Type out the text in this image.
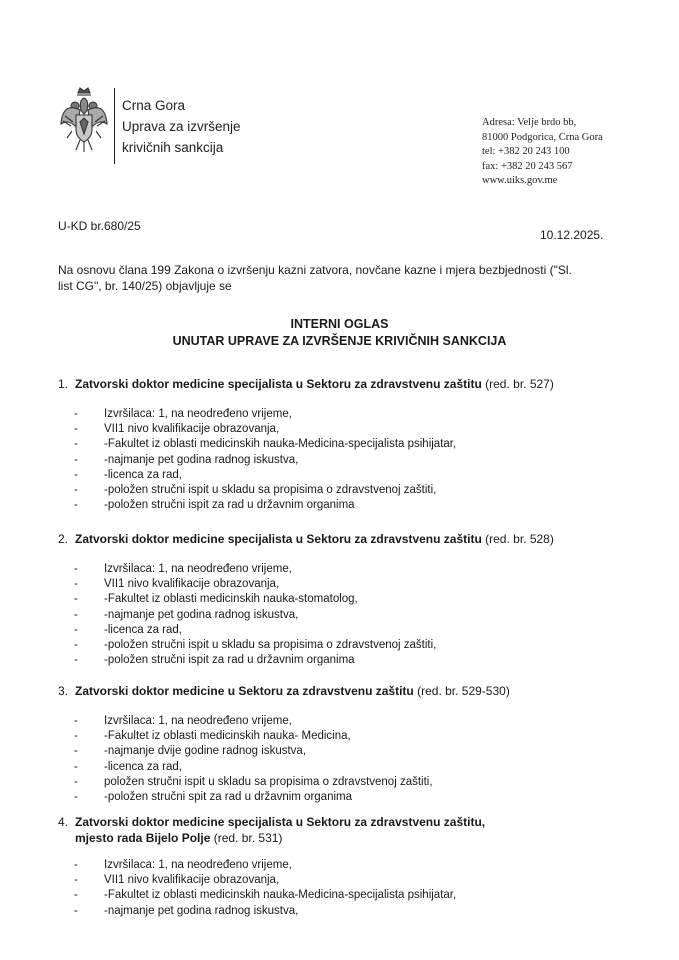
Crna Gora
Uprava za izvršenje
krivičnih sankcija
Adresa: Velje brdo bb,
81000 Podgorica, Crna Gora
tel: +382 20 243 100
fax: +382 20 243 567
www.uiks.gov.me
U-KD br.680/25
10.12.2025.
Na osnovu člana 199 Zakona o izvršenju kazni zatvora, novčane kazne i mjera bezbjednosti ("Sl.
list CG", br. 140/25) objavljuje se
INTERNI OGLAS
UNUTAR UPRAVE ZA IZVRŠENJE KRIVIČNIH SANKCIJA
1. Zatvorski doktor medicine specijalista u Sektoru za zdravstvenu zaštitu (red. br. 527)
-	Izvršilaca: 1, na neodređeno vrijeme,
-	VII1 nivo kvalifikacije obrazovanja,
-	-Fakultet iz oblasti medicinskih nauka-Medicina-specijalista psihijatar,
-	-najmanje pet godina radnog iskustva,
-	-licenca za rad,
-	-položen stručni ispit u skladu sa propisima o zdravstvenoj zaštiti,
-	-položen stručni ispit za rad u državnim organima
2. Zatvorski doktor medicine specijalista u Sektoru za zdravstvenu zaštitu (red. br. 528)
-	Izvršilaca: 1, na neodređeno vrijeme,
-	VII1 nivo kvalifikacije obrazovanja,
-	-Fakultet iz oblasti medicinskih nauka-stomatolog,
-	-najmanje pet godina radnog iskustva,
-	-licenca za rad,
-	-položen stručni ispit u skladu sa propisima o zdravstvenoj zaštiti,
-	-položen stručni ispit za rad u državnim organima
3. Zatvorski doktor medicine u Sektoru za zdravstvenu zaštitu (red. br. 529-530)
-	Izvršilaca: 1, na neodređeno vrijeme,
-	-Fakultet iz oblasti medicinskih nauka- Medicina,
-	-najmanje dvije godine radnog iskustva,
-	-licenca za rad,
-	položen stručni ispit u skladu sa propisima o zdravstvenoj zaštiti,
-	-položen stručni spit za rad u državnim organima
4. Zatvorski doktor medicine specijalista u Sektoru za zdravstvenu zaštitu,
mjesto rada Bijelo Polje (red. br. 531)
-	Izvršilaca: 1, na neodređeno vrijeme,
-	VII1 nivo kvalifikacije obrazovanja,
-	-Fakultet iz oblasti medicinskih nauka-Medicina-specijalista psihijatar,
-	-najmanje pet godina radnog iskustva,
